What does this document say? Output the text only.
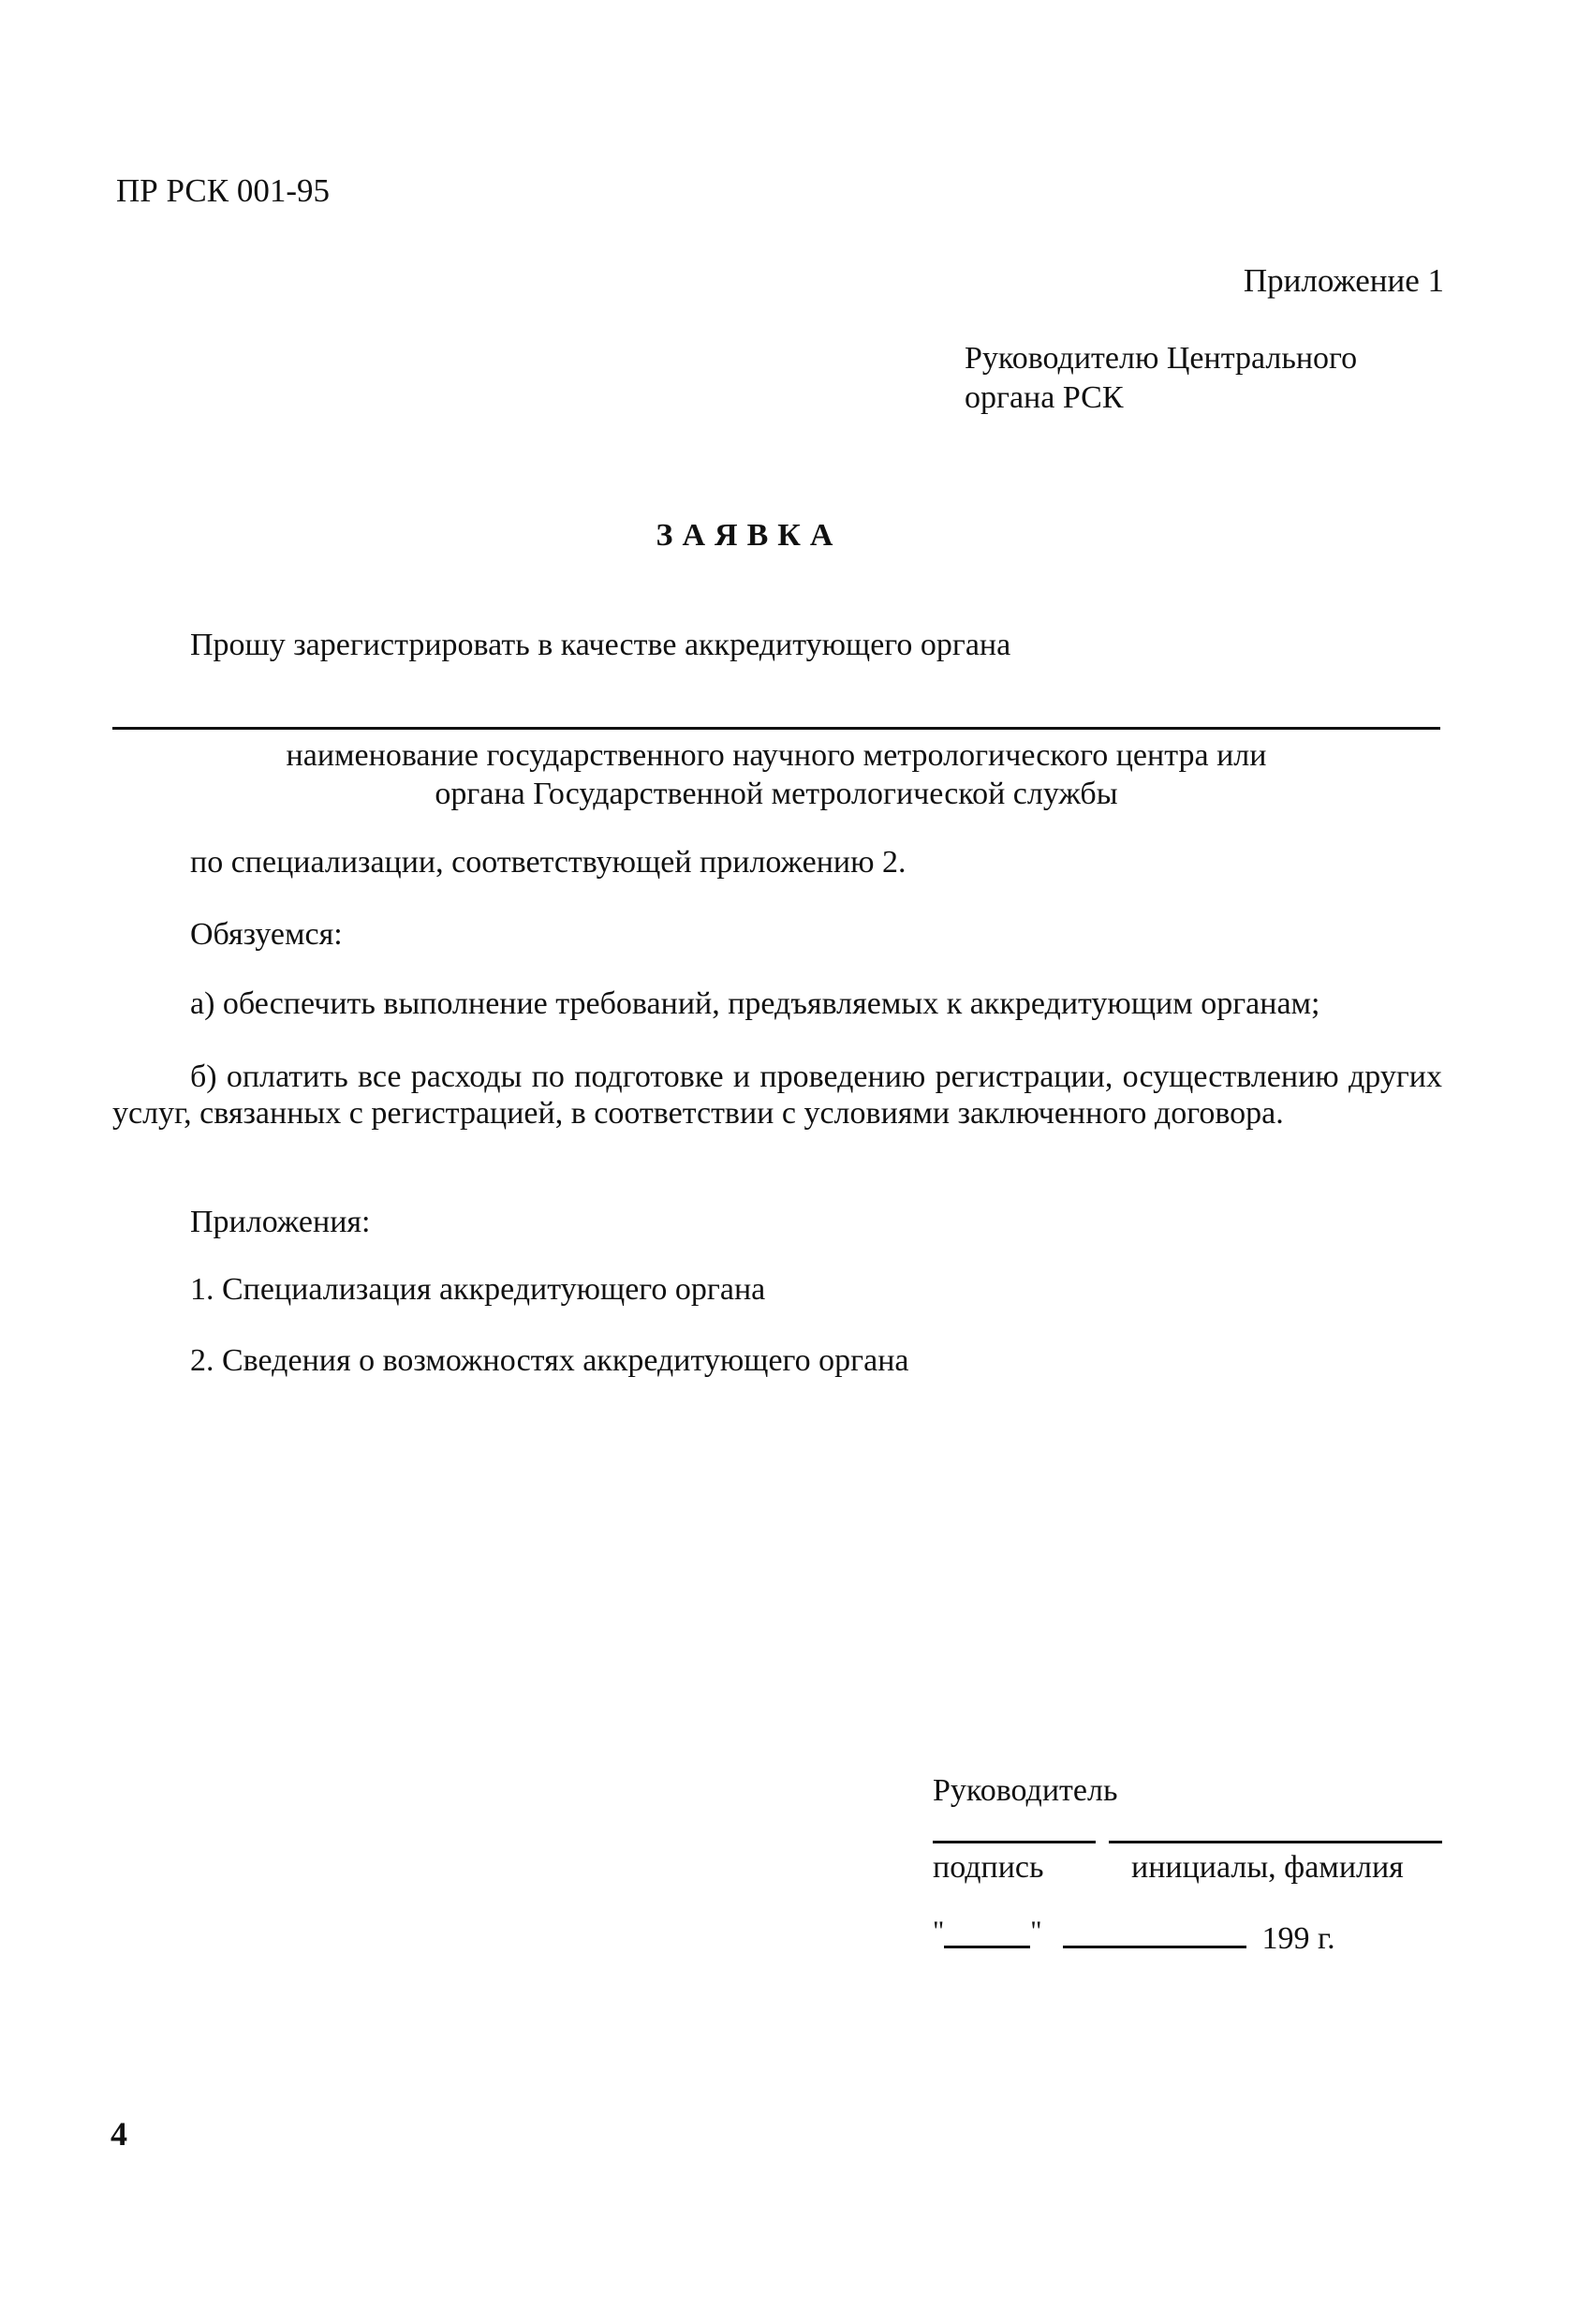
ПР РСК 001-95
Приложение 1
Руководителю Центрального
органа РСК
ЗАЯВКА
Прошу зарегистрировать в качестве аккредитующего органа
наименование государственного научного метрологического центра или
органа Государственной метрологической службы
по специализации, соответствующей приложению 2.
Обязуемся:
а) обеспечить выполнение требований, предъявляемых к аккредитующим органам;
б) оплатить все расходы по подготовке и проведению регистрации, осуществлению других услуг, связанных с регистрацией, в соответствии с условиями заключенного договора.
Приложения:
1. Специализация аккредитующего органа
2. Сведения о возможностях аккредитующего органа
Руководитель
подпись	инициалы, фамилия
"	"	199 г.
4
